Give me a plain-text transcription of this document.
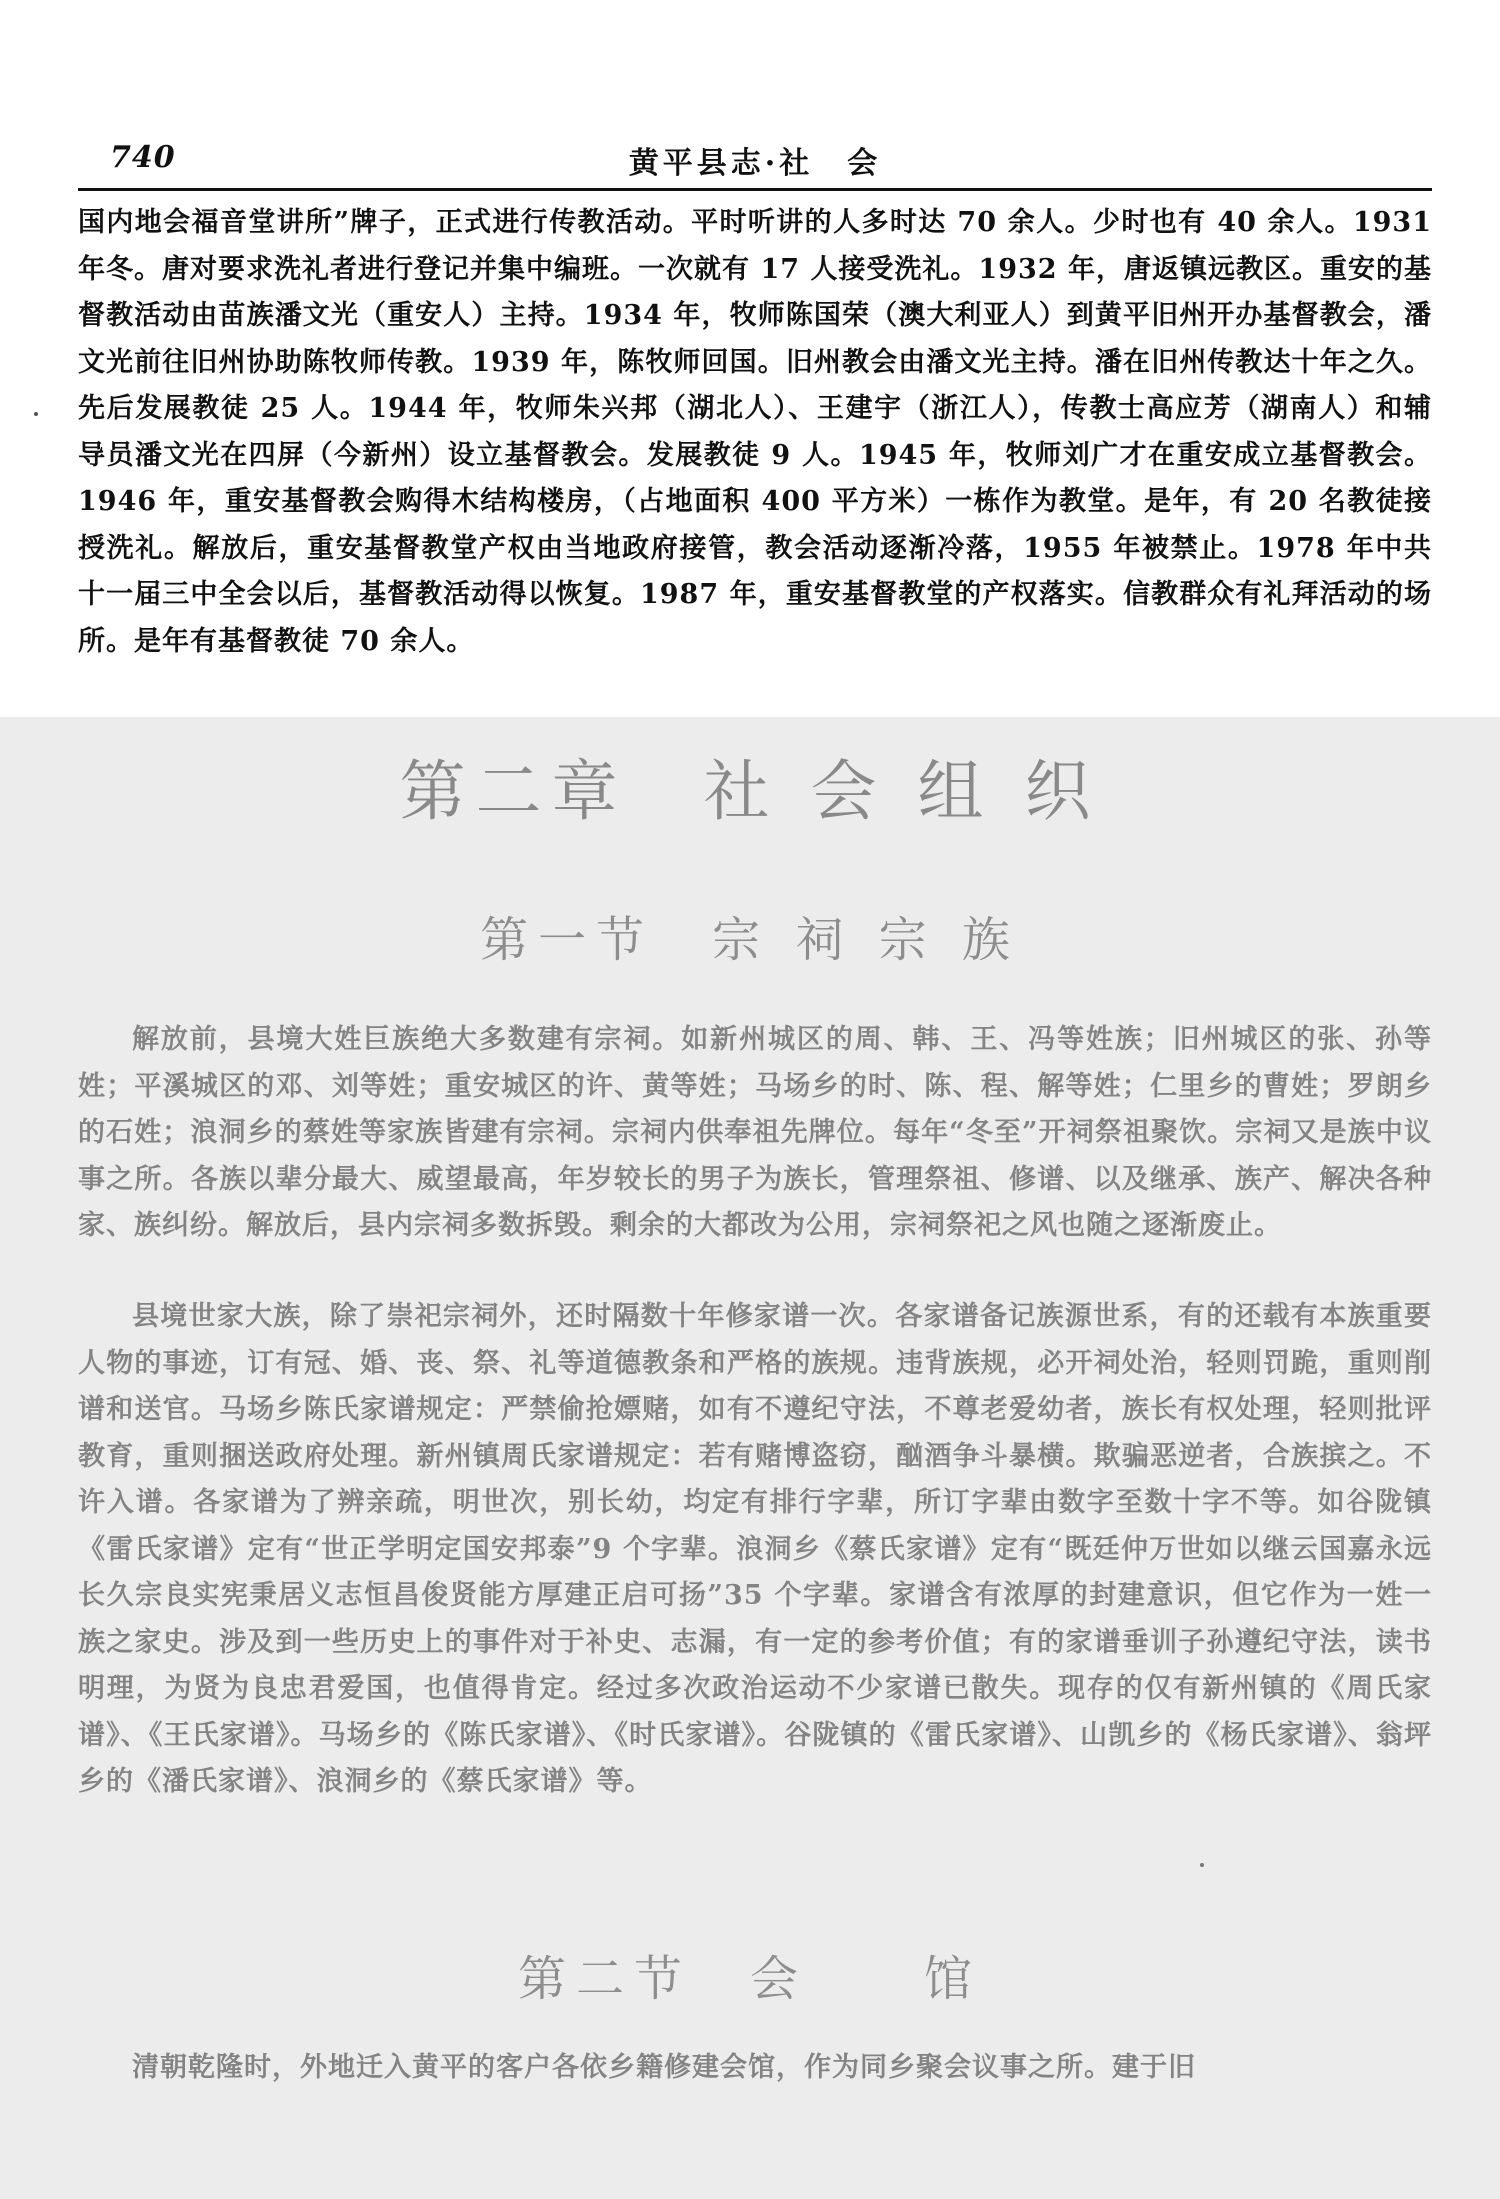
740	黄平县志·社　会

国内地会福音堂讲所”牌子，正式进行传教活动。平时听讲的人多时达 70 余人。少时也有 40 余人。1931 年冬。唐对要求洗礼者进行登记并集中编班。一次就有 17 人接受洗礼。1932 年，唐返镇远教区。重安的基督教活动由苗族潘文光（重安人）主持。1934 年，牧师陈国荣（澳大利亚人）到黄平旧州开办基督教会，潘文光前往旧州协助陈牧师传教。1939 年，陈牧师回国。旧州教会由潘文光主持。潘在旧州传教达十年之久。先后发展教徒 25 人。1944 年，牧师朱兴邦（湖北人）、王建宇（浙江人），传教士高应芳（湖南人）和辅导员潘文光在四屏（今新州）设立基督教会。发展教徒 9 人。1945 年，牧师刘广才在重安成立基督教会。1946 年，重安基督教会购得木结构楼房，（占地面积 400 平方米）一栋作为教堂。是年，有 20 名教徒接授洗礼。解放后，重安基督教堂产权由当地政府接管，教会活动逐渐冷落，1955 年被禁止。1978 年中共十一届三中全会以后，基督教活动得以恢复。1987 年，重安基督教堂的产权落实。信教群众有礼拜活动的场所。是年有基督教徒 70 余人。

第二章　社 会 组 织
第一节　宗 祠 宗 族

解放前，县境大姓巨族绝大多数建有宗祠。如新州城区的周、韩、王、冯等姓族；旧州城区的张、孙等姓；平溪城区的邓、刘等姓；重安城区的许、黄等姓；马场乡的时、陈、程、解等姓；仁里乡的曹姓；罗朗乡的石姓；浪洞乡的蔡姓等家族皆建有宗祠。宗祠内供奉祖先牌位。每年“冬至”开祠祭祖聚饮。宗祠又是族中议事之所。各族以辈分最大、威望最高，年岁较长的男子为族长，管理祭祖、修谱、以及继承、族产、解决各种家、族纠纷。解放后，县内宗祠多数拆毁。剩余的大都改为公用，宗祠祭祀之风也随之逐渐废止。

县境世家大族，除了崇祀宗祠外，还时隔数十年修家谱一次。各家谱备记族源世系，有的还载有本族重要人物的事迹，订有冠、婚、丧、祭、礼等道德教条和严格的族规。违背族规，必开祠处治，轻则罚跪，重则削谱和送官。马场乡陈氏家谱规定：严禁偷抢嫖赌，如有不遵纪守法，不尊老爱幼者，族长有权处理，轻则批评教育，重则捆送政府处理。新州镇周氏家谱规定：若有赌博盗窃，酗酒争斗暴横。欺骗恶逆者，合族摈之。不许入谱。各家谱为了辨亲疏，明世次，别长幼，均定有排行字辈，所订字辈由数字至数十字不等。如谷陇镇《雷氏家谱》定有“世正学明定国安邦泰”9 个字辈。浪洞乡《蔡氏家谱》定有“既廷仲万世如以继云国嘉永远长久宗良实宪秉居义志恒昌俊贤能方厚建正启可扬”35 个字辈。家谱含有浓厚的封建意识，但它作为一姓一族之家史。涉及到一些历史上的事件对于补史、志漏，有一定的参考价值；有的家谱垂训子孙遵纪守法，读书明理，为贤为良忠君爱国，也值得肯定。经过多次政治运动不少家谱已散失。现存的仅有新州镇的《周氏家谱》、《王氏家谱》。马场乡的《陈氏家谱》、《时氏家谱》。谷陇镇的《雷氏家谱》、山凯乡的《杨氏家谱》、翁坪乡的《潘氏家谱》、浪洞乡的《蔡氏家谱》等。

第二节　会　　馆

清朝乾隆时，外地迁入黄平的客户各依乡籍修建会馆，作为同乡聚会议事之所。建于旧
